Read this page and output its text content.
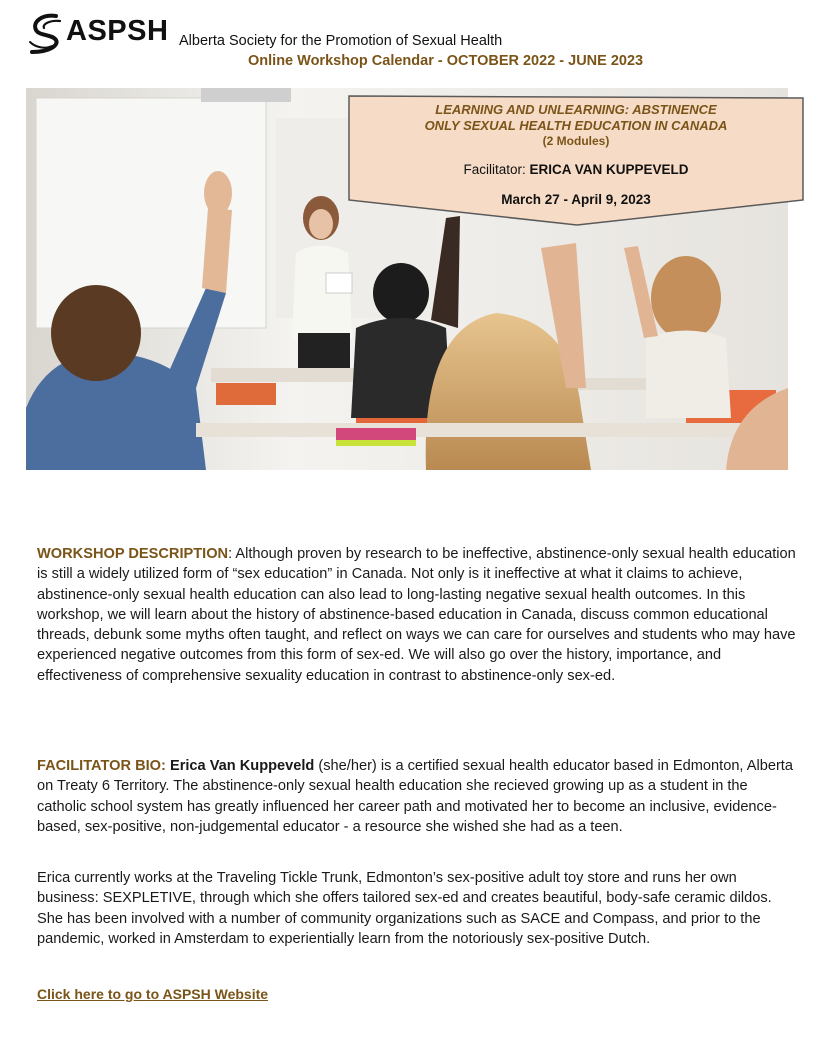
ASPSH Alberta Society for the Promotion of Sexual Health
Online Workshop Calendar - OCTOBER 2022 - JUNE 2023
LEARNING AND UNLEARNING: ABSTINENCE
ONLY SEXUAL HEALTH EDUCATION IN CANADA
(2 Modules)
Facilitator: ERICA VAN KUPPEVELD
March 27 - April 9, 2023

WORKSHOP DESCRIPTION: Although proven by research to be ineffective, abstinence-only sexual health education is still a widely utilized form of “sex education” in Canada. Not only is it ineffective at what it claims to achieve, abstinence-only sexual health education can also lead to long-lasting negative sexual health outcomes. In this workshop, we will learn about the history of abstinence-based education in Canada, discuss common educational threads, debunk some myths often taught, and reflect on ways we can care for ourselves and students who may have experienced negative outcomes from this form of sex-ed. We will also go over the history, importance, and effectiveness of comprehensive sexuality education in contrast to abstinence-only sex-ed.

FACILITATOR BIO: Erica Van Kuppeveld (she/her) is a certified sexual health educator based in Edmonton, Alberta on Treaty 6 Territory. The abstinence-only sexual health education she recieved growing up as a student in the catholic school system has greatly influenced her career path and motivated her to become an inclusive, evidence-based, sex-positive, non-judgemental educator - a resource she wished she had as a teen.

Erica currently works at the Traveling Tickle Trunk, Edmonton’s sex-positive adult toy store and runs her own business: SEXPLETIVE, through which she offers tailored sex-ed and creates beautiful, body-safe ceramic dildos. She has been involved with a number of community organizations such as SACE and Compass, and prior to the pandemic, worked in Amsterdam to experientially learn from the notoriously sex-positive Dutch.

Click here to go to ASPSH Website
